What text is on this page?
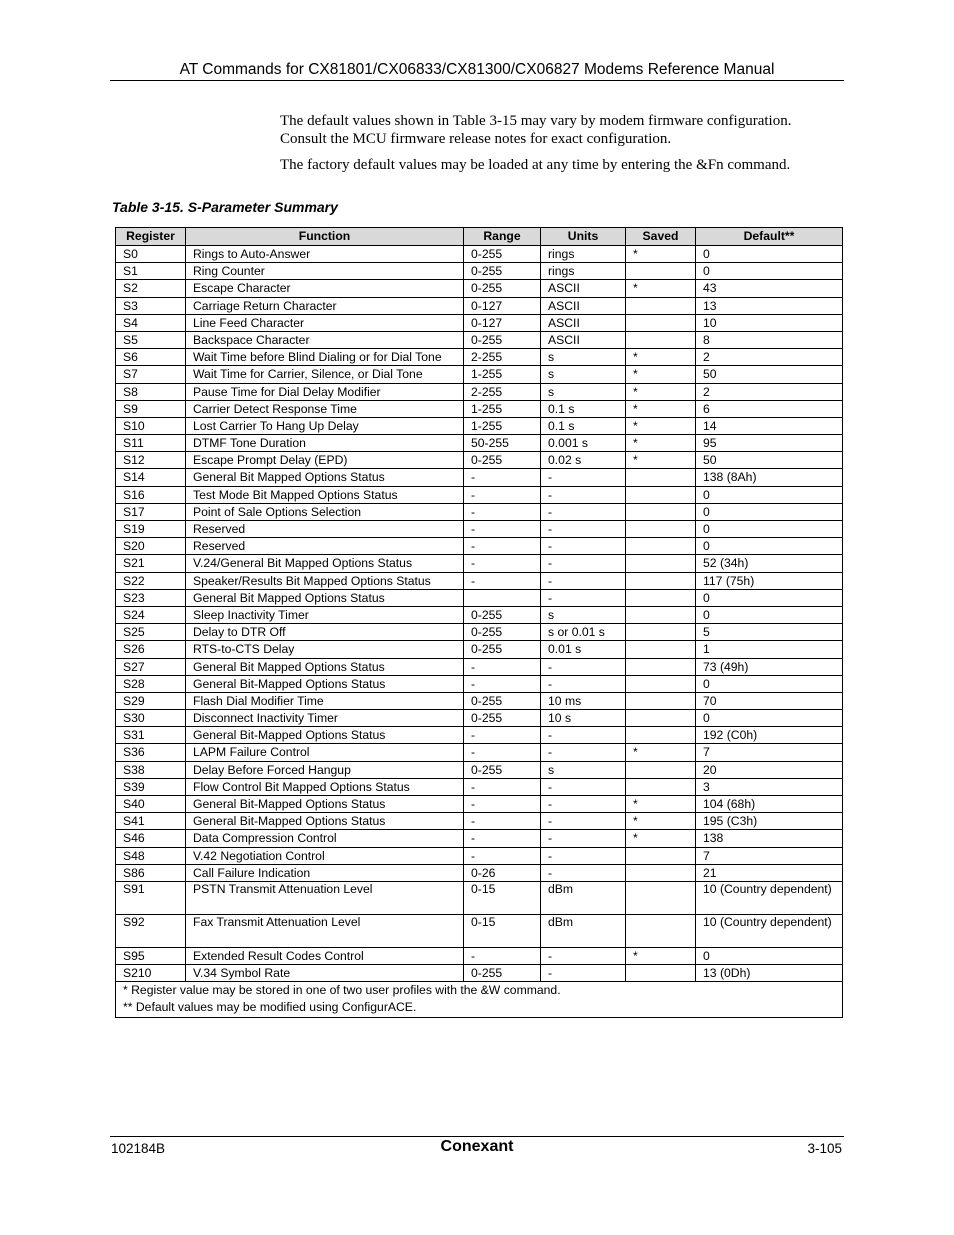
AT Commands for CX81801/CX06833/CX81300/CX06827 Modems Reference Manual

The default values shown in Table 3-15 may vary by modem firmware configuration. Consult the MCU firmware release notes for exact configuration.

The factory default values may be loaded at any time by entering the &Fn command.

Table 3-15. S-Parameter Summary
Register	Function	Range	Units	Saved	Default**
S0	Rings to Auto-Answer	0-255	rings	*	0
S1	Ring Counter	0-255	rings		0
S2	Escape Character	0-255	ASCII	*	43
S3	Carriage Return Character	0-127	ASCII		13
S4	Line Feed Character	0-127	ASCII		10
S5	Backspace Character	0-255	ASCII		8
S6	Wait Time before Blind Dialing or for Dial Tone	2-255	s	*	2
S7	Wait Time for Carrier, Silence, or Dial Tone	1-255	s	*	50
S8	Pause Time for Dial Delay Modifier	2-255	s	*	2
S9	Carrier Detect Response Time	1-255	0.1 s	*	6
S10	Lost Carrier To Hang Up Delay	1-255	0.1 s	*	14
S11	DTMF Tone Duration	50-255	0.001 s	*	95
S12	Escape Prompt Delay (EPD)	0-255	0.02 s	*	50
S14	General Bit Mapped Options Status	-	-		138 (8Ah)
S16	Test Mode Bit Mapped Options Status	-	-		0
S17	Point of Sale Options Selection	-	-		0
S19	Reserved	-	-		0
S20	Reserved	-	-		0
S21	V.24/General Bit Mapped Options Status	-	-		52 (34h)
S22	Speaker/Results Bit Mapped Options Status	-	-		117 (75h)
S23	General Bit Mapped Options Status		-		0
S24	Sleep Inactivity Timer	0-255	s		0
S25	Delay to DTR Off	0-255	s or 0.01 s		5
S26	RTS-to-CTS Delay	0-255	0.01 s		1
S27	General Bit Mapped Options Status	-	-		73 (49h)
S28	General Bit-Mapped Options Status	-	-		0
S29	Flash Dial Modifier Time	0-255	10 ms		70
S30	Disconnect Inactivity Timer	0-255	10 s		0
S31	General Bit-Mapped Options Status	-	-		192 (C0h)
S36	LAPM Failure Control	-	-	*	7
S38	Delay Before Forced Hangup	0-255	s		20
S39	Flow Control Bit Mapped Options Status	-	-		3
S40	General Bit-Mapped Options Status	-	-	*	104 (68h)
S41	General Bit-Mapped Options Status	-	-	*	195 (C3h)
S46	Data Compression Control	-	-	*	138
S48	V.42 Negotiation Control	-	-		7
S86	Call Failure Indication	0-26	-		21
S91	PSTN Transmit Attenuation Level	0-15	dBm		10 (Country dependent)
S92	Fax Transmit Attenuation Level	0-15	dBm		10 (Country dependent)
S95	Extended Result Codes Control	-	-	*	0
S210	V.34 Symbol Rate	0-255	-		13 (0Dh)

* Register value may be stored in one of two user profiles with the &W command.
** Default values may be modified using ConfigurACE.					
102184B	Conexant	3-105
